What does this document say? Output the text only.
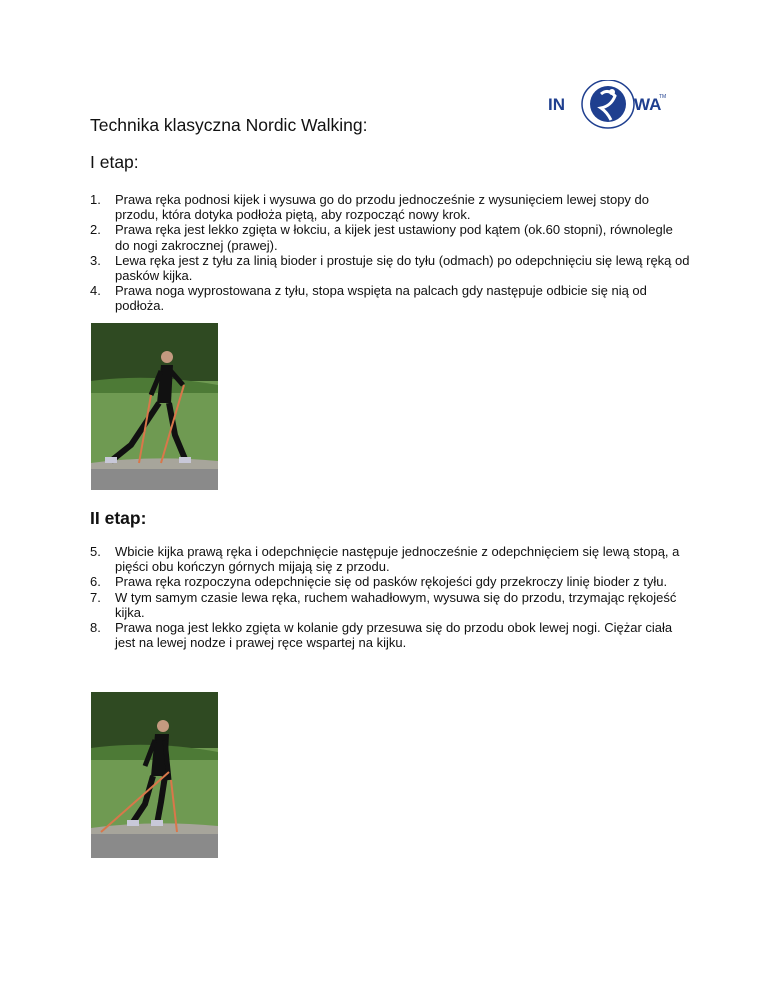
IN	WA
TM
Technika klasyczna Nordic Walking:
I etap:
1. Prawa ręka podnosi kijek i wysuwa go do przodu jednocześnie z wysunięciem lewej stopy do przodu, która dotyka podłoża piętą, aby rozpocząć nowy krok.
2. Prawa ręka jest lekko zgięta w łokciu, a kijek jest ustawiony pod kątem (ok.60 stopni), równolegle do nogi zakrocznej (prawej).
3. Lewa ręka jest z tyłu za linią bioder i prostuje się do tyłu (odmach) po odepchnięciu się lewą ręką od pasków kijka.
4. Prawa noga wyprostowana z tyłu, stopa wspięta na palcach gdy następuje odbicie się nią od podłoża.
II etap:
5. Wbicie kijka prawą ręka i odepchnięcie następuje jednocześnie z odepchnięciem się lewą stopą, a pięści obu kończyn górnych mijają się z przodu.
6. Prawa ręka rozpoczyna odepchnięcie się od pasków rękojeści gdy przekroczy linię bioder z tyłu.
7. W tym samym czasie lewa ręka, ruchem wahadłowym, wysuwa się do przodu, trzymając rękojeść kijka.
8. Prawa noga jest lekko zgięta w kolanie gdy przesuwa się do przodu obok lewej nogi. Ciężar ciała jest na lewej nodze i prawej ręce wspartej na kijku.
